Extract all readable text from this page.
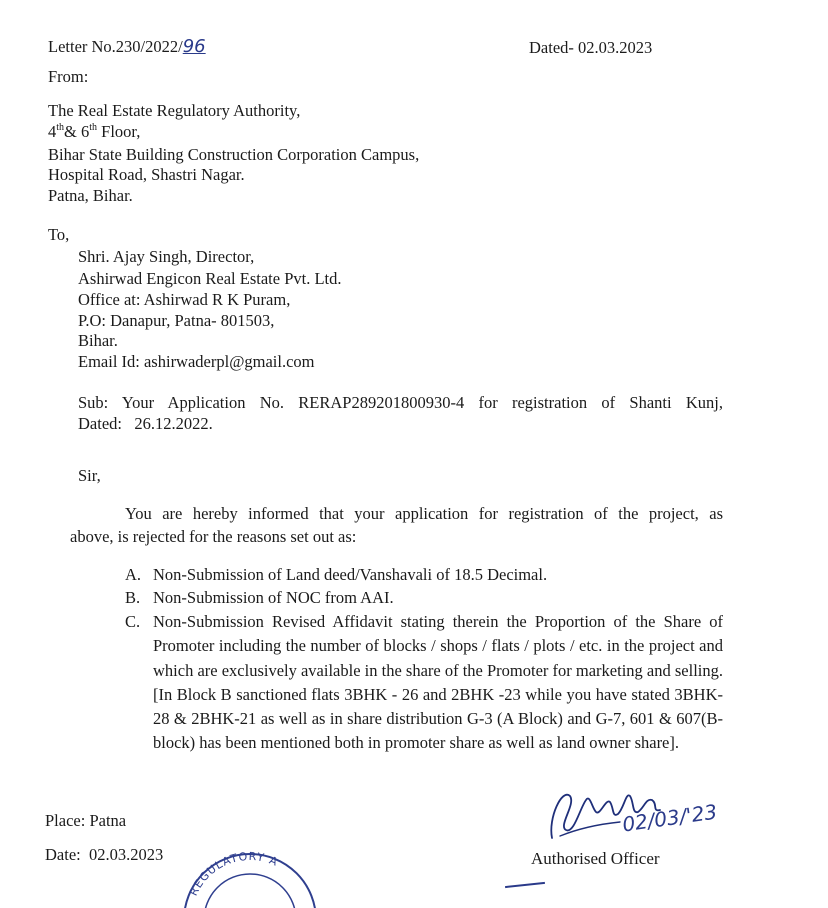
Letter No.230/2022/96	Dated- 02.03.2023
From:
The Real Estate Regulatory Authority,
4th& 6th Floor,
Bihar State Building Construction Corporation Campus,
Hospital Road, Shastri Nagar.
Patna, Bihar.
To,
Shri. Ajay Singh, Director,
Ashirwad Engicon Real Estate Pvt. Ltd.
Office at: Ashirwad R K Puram,
P.O: Danapur, Patna- 801503,
Bihar.
Email Id: ashirwaderpl@gmail.com
Sub: Your Application No. RERAP289201800930-4 for registration of Shanti Kunj,
Dated:   26.12.2022.
Sir,
You are hereby informed that your application for registration of the project, as
above, is rejected for the reasons set out as:
A. Non-Submission of Land deed/Vanshavali of 18.5 Decimal.
B. Non-Submission of NOC from AAI.
C. Non-Submission Revised Affidavit stating therein the Proportion of the Share of Promoter including the number of blocks / shops / flats / plots / etc. in the project and which are exclusively available in the share of the Promoter for marketing and selling.[In Block B sanctioned flats 3BHK - 26 and 2BHK -23 while you have stated 3BHK-28 & 2BHK-21 as well as in share distribution G-3 (A Block) and G-7, 601 & 607(B-block) has been mentioned both in promoter share as well as land owner share].
Place: Patna
Date:  02.03.2023
02/03/'23
Authorised Officer
REGULATORY A
